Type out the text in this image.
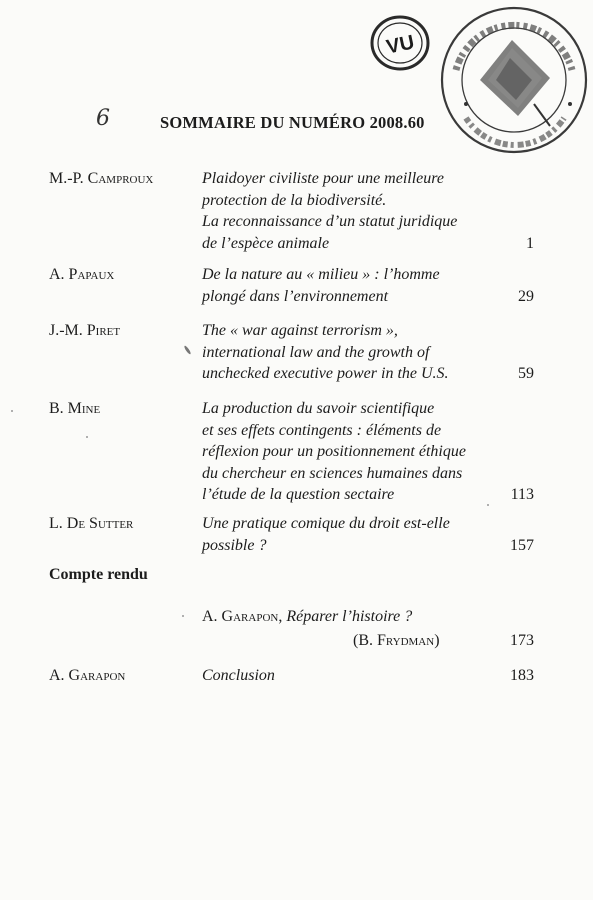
VU
6	SOMMAIRE DU NUMÉRO 2008.60
M.-P. Camproux	Plaidoyer civiliste pour une meilleure
protection de la biodiversité.
La reconnaissance d’un statut juridique
de l’espèce animale	1
A. Papaux	De la nature au « milieu » : l’homme
plongé dans l’environnement	29
J.-M. Piret	The « war against terrorism »,
international law and the growth of
unchecked executive power in the U.S.	59
B. Mine	La production du savoir scientifique
et ses effets contingents : éléments de
réflexion pour un positionnement éthique
du chercheur en sciences humaines dans
l’étude de la question sectaire	113
L. De Sutter	Une pratique comique du droit est-elle
possible ?	157
Compte rendu
A. Garapon, Réparer l’histoire ?
(B. Frydman)	173
A. Garapon	Conclusion	183
